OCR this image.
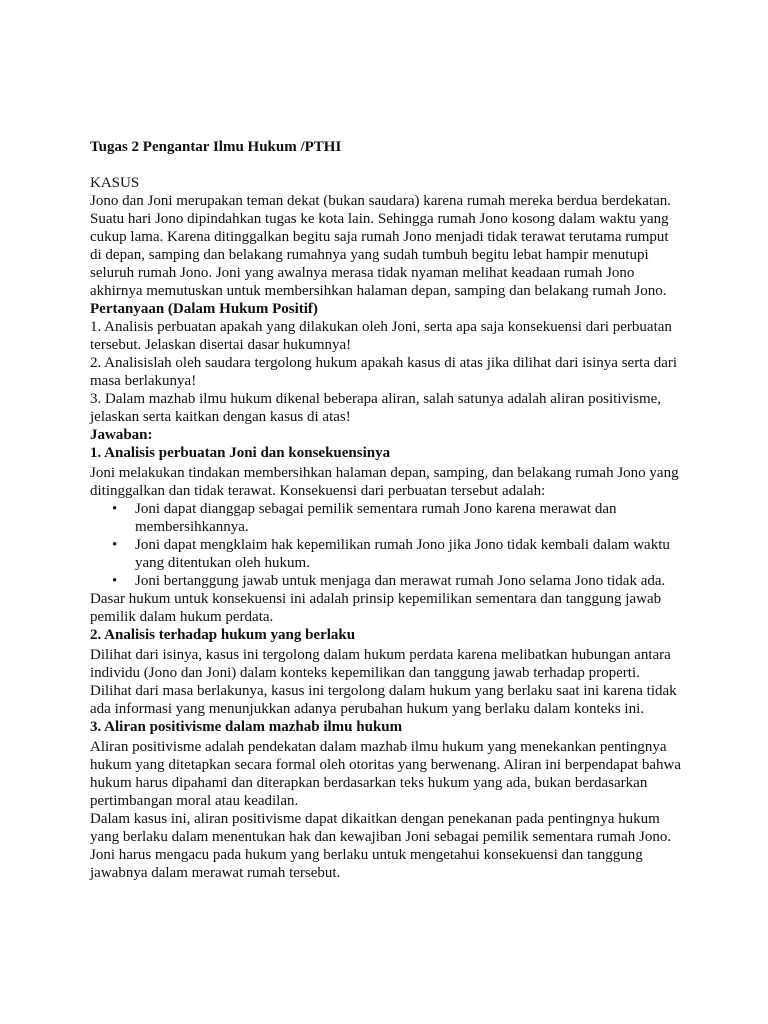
Tugas 2 Pengantar Ilmu Hukum /PTHI

KASUS

Jono dan Joni merupakan teman dekat (bukan saudara) karena rumah mereka berdua berdekatan. Suatu hari Jono dipindahkan tugas ke kota lain. Sehingga rumah Jono kosong dalam waktu yang cukup lama. Karena ditinggalkan begitu saja rumah Jono menjadi tidak terawat terutama rumput di depan, samping dan belakang rumahnya yang sudah tumbuh begitu lebat hampir menutupi seluruh rumah Jono. Joni yang awalnya merasa tidak nyaman melihat keadaan rumah Jono akhirnya memutuskan untuk membersihkan halaman depan, samping dan belakang rumah Jono.

Pertanyaan (Dalam Hukum Positif)

1. Analisis perbuatan apakah yang dilakukan oleh Joni, serta apa saja konsekuensi dari perbuatan tersebut. Jelaskan disertai dasar hukumnya!

2. Analisislah oleh saudara tergolong hukum apakah kasus di atas jika dilihat dari isinya serta dari masa berlakunya!

3. Dalam mazhab ilmu hukum dikenal beberapa aliran, salah satunya adalah aliran positivisme, jelaskan serta kaitkan dengan kasus di atas!

Jawaban:

1. Analisis perbuatan Joni dan konsekuensinya

Joni melakukan tindakan membersihkan halaman depan, samping, dan belakang rumah Jono yang ditinggalkan dan tidak terawat. Konsekuensi dari perbuatan tersebut adalah:

• Joni dapat dianggap sebagai pemilik sementara rumah Jono karena merawat dan membersihkannya.
• Joni dapat mengklaim hak kepemilikan rumah Jono jika Jono tidak kembali dalam waktu yang ditentukan oleh hukum.
• Joni bertanggung jawab untuk menjaga dan merawat rumah Jono selama Jono tidak ada.

Dasar hukum untuk konsekuensi ini adalah prinsip kepemilikan sementara dan tanggung jawab pemilik dalam hukum perdata.

2. Analisis terhadap hukum yang berlaku

Dilihat dari isinya, kasus ini tergolong dalam hukum perdata karena melibatkan hubungan antara individu (Jono dan Joni) dalam konteks kepemilikan dan tanggung jawab terhadap properti.

Dilihat dari masa berlakunya, kasus ini tergolong dalam hukum yang berlaku saat ini karena tidak ada informasi yang menunjukkan adanya perubahan hukum yang berlaku dalam konteks ini.

3. Aliran positivisme dalam mazhab ilmu hukum

Aliran positivisme adalah pendekatan dalam mazhab ilmu hukum yang menekankan pentingnya hukum yang ditetapkan secara formal oleh otoritas yang berwenang. Aliran ini berpendapat bahwa hukum harus dipahami dan diterapkan berdasarkan teks hukum yang ada, bukan berdasarkan pertimbangan moral atau keadilan.

Dalam kasus ini, aliran positivisme dapat dikaitkan dengan penekanan pada pentingnya hukum yang berlaku dalam menentukan hak dan kewajiban Joni sebagai pemilik sementara rumah Jono. Joni harus mengacu pada hukum yang berlaku untuk mengetahui konsekuensi dan tanggung jawabnya dalam merawat rumah tersebut.
